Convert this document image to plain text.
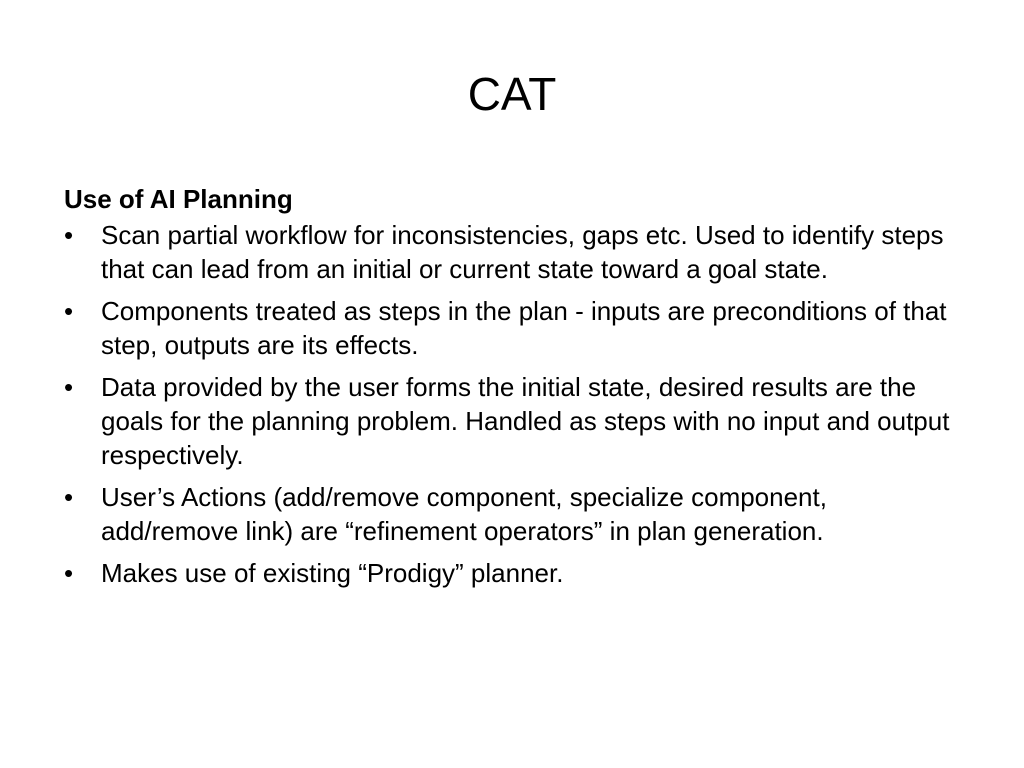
CAT
Use of AI Planning
• Scan partial workflow for inconsistencies, gaps etc. Used to identify steps that can lead from an initial or current state toward a goal state.
• Components treated as steps in the plan - inputs are preconditions of that step, outputs are its effects.
• Data provided by the user forms the initial state, desired results are the goals for the planning problem. Handled as steps with no input and output respectively.
• User’s Actions (add/remove component, specialize component, add/remove link) are “refinement operators” in plan generation.
• Makes use of existing “Prodigy” planner.
